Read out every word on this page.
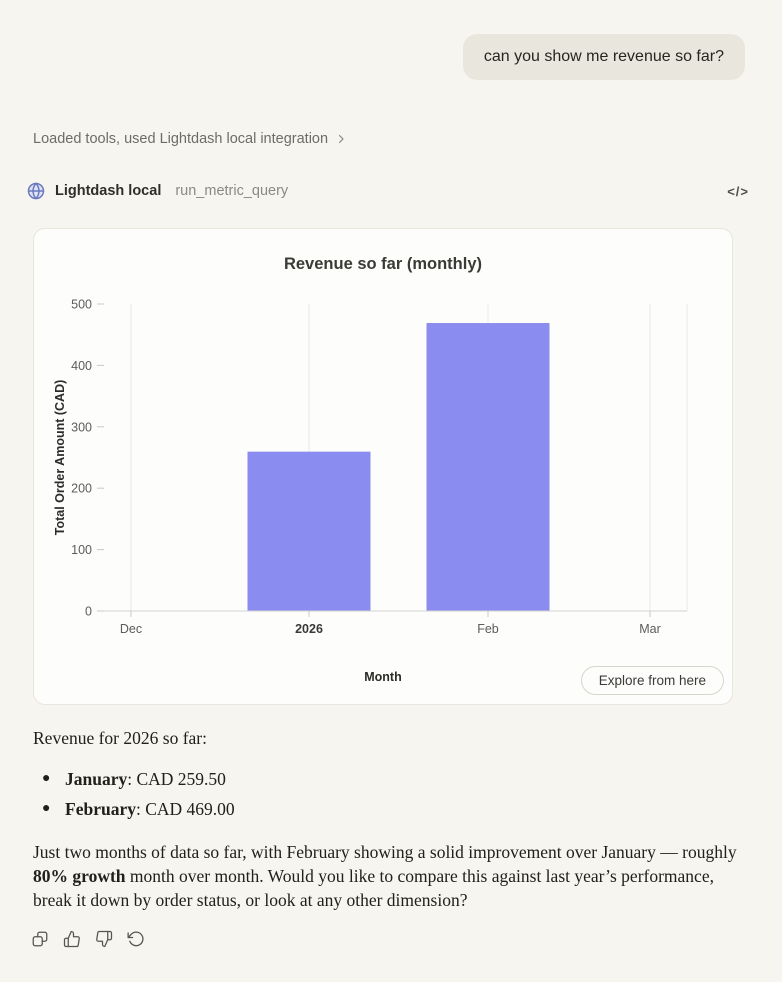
can you show me revenue so far?
Loaded tools, used Lightdash local integration
Lightdash local run_metric_query	</>
Revenue so far (monthly)
Dec	2026	Feb	Mar
0
100
200
300
400
500
Total Order Amount (CAD)
Month	Explore from here
Revenue for 2026 so far:
● January: CAD 259.50
● February: CAD 469.00
Just two months of data so far, with February showing a solid improvement over January — roughly 80% growth month over month. Would you like to compare this against last year’s performance, break it down by order status, or look at any other dimension?
